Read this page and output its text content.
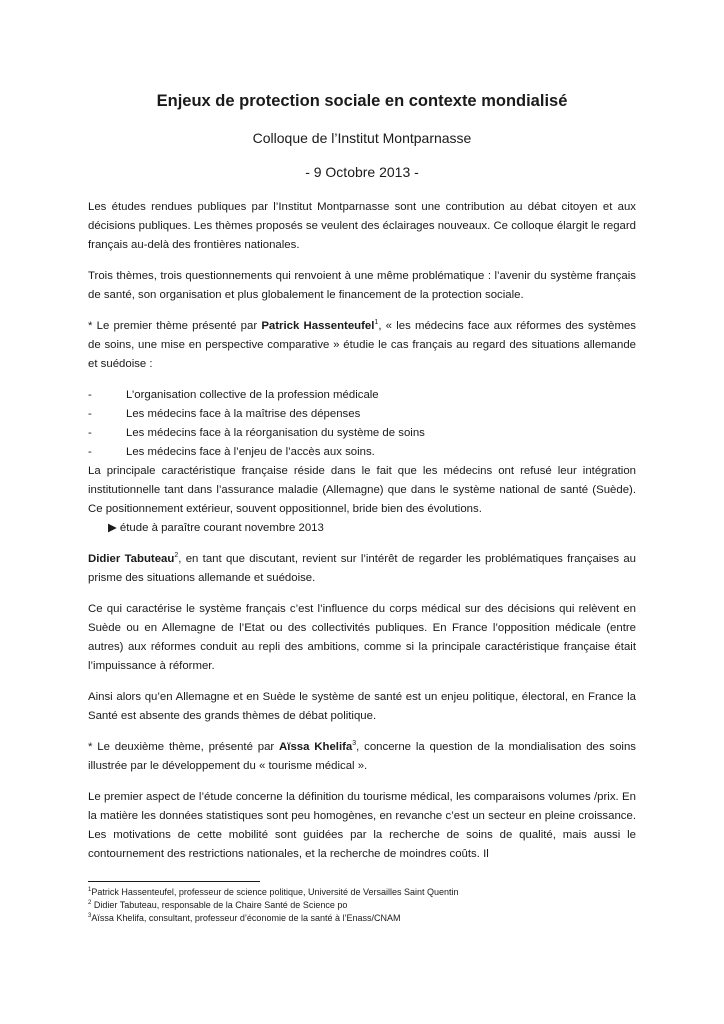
Enjeux de protection sociale en contexte mondialisé
Colloque de l’Institut Montparnasse
- 9 Octobre 2013 -

Les études rendues publiques par l’Institut Montparnasse sont une contribution au débat citoyen et aux décisions publiques. Les thèmes proposés se veulent des éclairages nouveaux. Ce colloque élargit le regard français au-delà des frontières nationales.

Trois thèmes, trois questionnements qui renvoient à une même problématique : l’avenir du système français de santé, son organisation et plus globalement le financement de la protection sociale.

* Le premier thème présenté par Patrick Hassenteufel$^1$, « les médecins face aux réformes des systèmes de soins, une mise en perspective comparative » étudie le cas français au regard des situations allemande et suédoise :

-	L’organisation collective de la profession médicale
-	Les médecins face à la maîtrise des dépenses
-	Les médecins face à la réorganisation du système de soins
-	Les médecins face à l’enjeu de l’accès aux soins.

La principale caractéristique française réside dans le fait que les médecins ont refusé leur intégration institutionnelle tant dans l’assurance maladie (Allemagne) que dans le système national de santé (Suède). Ce positionnement extérieur, souvent oppositionnel, bride bien des évolutions.

▶ étude à paraître courant novembre 2013

Didier Tabuteau$^2$, en tant que discutant, revient sur l’intérêt de regarder les problématiques françaises au prisme des situations allemande et suédoise.

Ce qui caractérise le système français c’est l’influence du corps médical sur des décisions qui relèvent en Suède ou en Allemagne de l’Etat ou des collectivités publiques. En France l’opposition médicale (entre autres) aux réformes conduit au repli des ambitions, comme si la principale caractéristique française était l’impuissance à réformer.

Ainsi alors qu’en Allemagne et en Suède le système de santé est un enjeu politique, électoral, en France la Santé est absente des grands thèmes de débat politique.

* Le deuxième thème, présenté par Aïssa Khelifa$^3$, concerne la question de la mondialisation des soins illustrée par le développement du « tourisme médical ».

Le premier aspect de l’étude concerne la définition du tourisme médical, les comparaisons volumes /prix. En la matière les données statistiques sont peu homogènes, en revanche c’est un secteur en pleine croissance. Les motivations de cette mobilité sont guidées par la recherche de soins de qualité, mais aussi le contournement des restrictions nationales, et la recherche de moindres coûts. Il

$^1$Patrick Hassenteufel, professeur de science politique, Université de Versailles Saint Quentin
$^2$ Didier Tabuteau, responsable de la Chaire Santé de Science po
$^3$Aïssa Khelifa, consultant, professeur d’économie de la santé à l’Enass/CNAM
